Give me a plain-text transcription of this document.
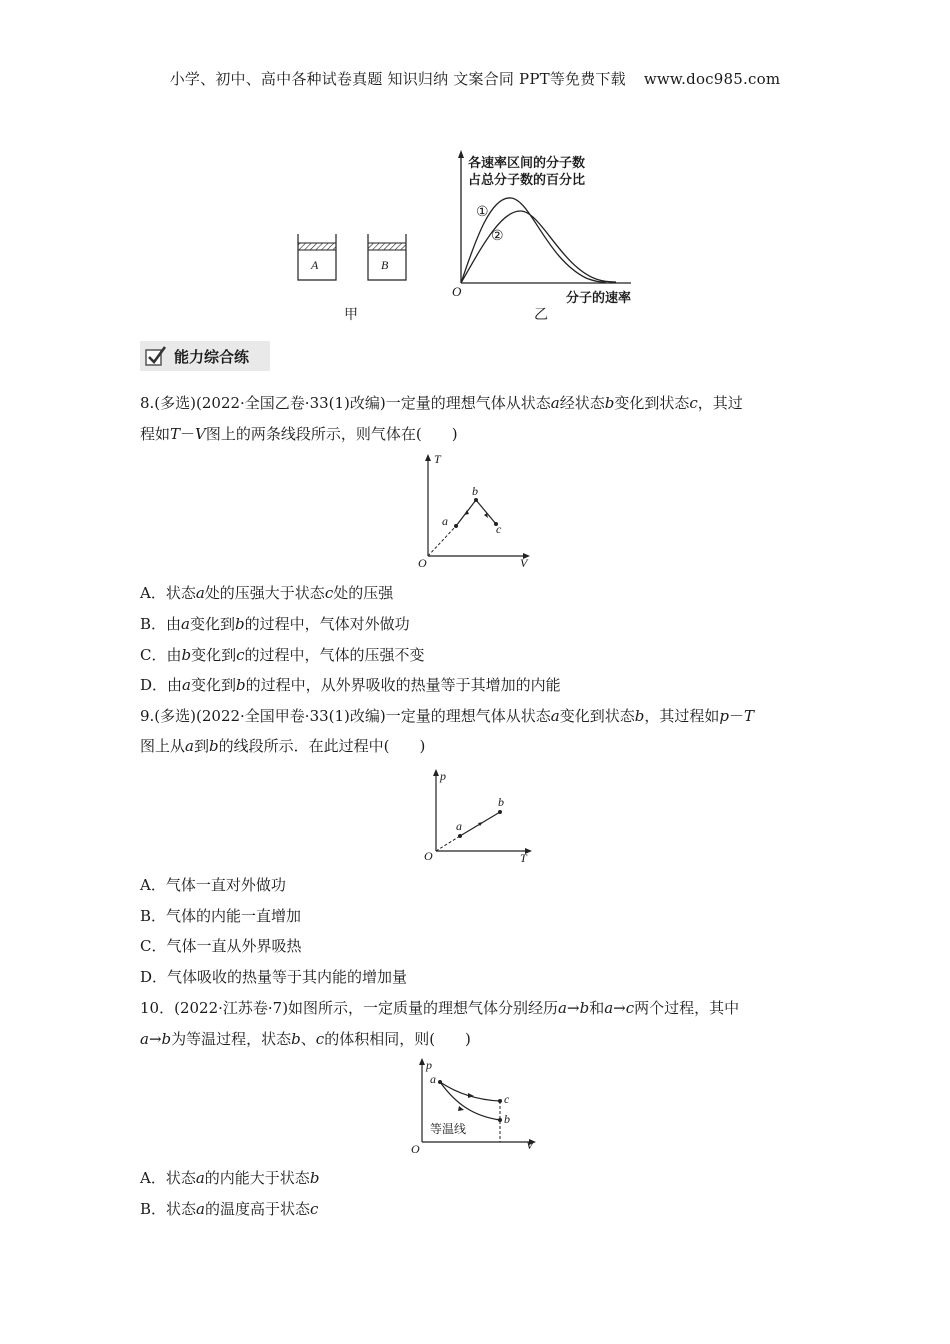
小学、初中、高中各种试卷真题 知识归纳 文案合同 PPT等免费下载 www.doc985.com
A	B
甲
各速率区间的分子数
占总分子数的百分比
①
②
O	分子的速率
乙
能力综合练
8.(多选)(2022·全国乙卷·33(1)改编)一定量的理想气体从状态a经状态b变化到状态c，其过
程如T－V图上的两条线段所示，则气体在(　　)
T
V
O
a
b
c
A．状态a处的压强大于状态c处的压强
B．由a变化到b的过程中，气体对外做功
C．由b变化到c的过程中，气体的压强不变
D．由a变化到b的过程中，从外界吸收的热量等于其增加的内能
9.(多选)(2022·全国甲卷·33(1)改编)一定量的理想气体从状态a变化到状态b，其过程如p－T
图上从a到b的线段所示．在此过程中(　　)
p
T
O
a
b
A．气体一直对外做功
B．气体的内能一直增加
C．气体一直从外界吸热
D．气体吸收的热量等于其内能的增加量
10．(2022·江苏卷·7)如图所示，一定质量的理想气体分别经历a→b和a→c两个过程，其中
a→b为等温过程，状态b、c的体积相同，则(　　)
p
V
O
a
c
b
等温线
A．状态a的内能大于状态b
B．状态a的温度高于状态c
